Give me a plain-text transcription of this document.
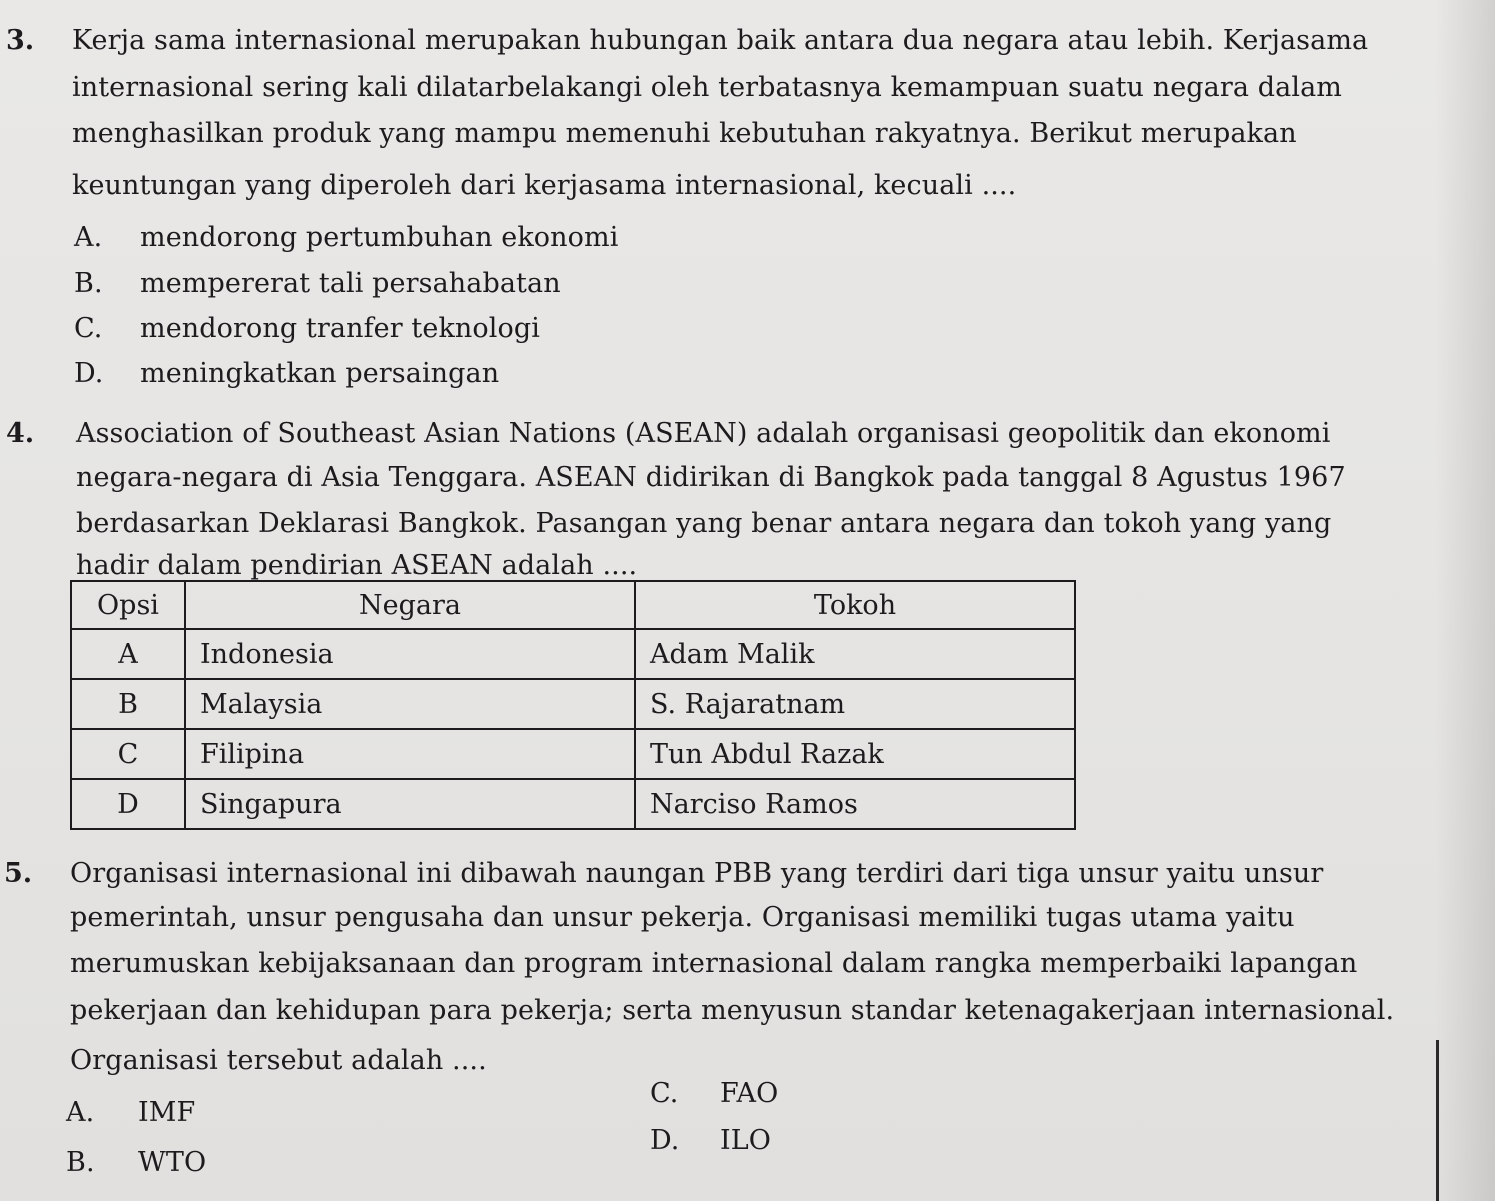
3. Kerja sama internasional merupakan hubungan baik antara dua negara atau lebih. Kerjasama
internasional sering kali dilatarbelakangi oleh terbatasnya kemampuan suatu negara dalam
menghasilkan produk yang mampu memenuhi kebutuhan rakyatnya. Berikut merupakan
keuntungan yang diperoleh dari kerjasama internasional, kecuali ....
A. mendorong pertumbuhan ekonomi
B. mempererat tali persahabatan
C. mendorong tranfer teknologi
D. meningkatkan persaingan
4. Association of Southeast Asian Nations (ASEAN) adalah organisasi geopolitik dan ekonomi
negara-negara di Asia Tenggara. ASEAN didirikan di Bangkok pada tanggal 8 Agustus 1967
berdasarkan Deklarasi Bangkok. Pasangan yang benar antara negara dan tokoh yang yang
hadir dalam pendirian ASEAN adalah ....
Opsi	Negara	Tokoh
A	Indonesia	Adam Malik
B	Malaysia	S. Rajaratnam
C	Filipina	Tun Abdul Razak
D	Singapura	Narciso Ramos
5. Organisasi internasional ini dibawah naungan PBB yang terdiri dari tiga unsur yaitu unsur
pemerintah, unsur pengusaha dan unsur pekerja. Organisasi memiliki tugas utama yaitu
merumuskan kebijaksanaan dan program internasional dalam rangka memperbaiki lapangan
pekerjaan dan kehidupan para pekerja; serta menyusun standar ketenagakerjaan internasional.
Organisasi tersebut adalah ....
A. IMF
B. WTO
C. FAO
D. ILO
